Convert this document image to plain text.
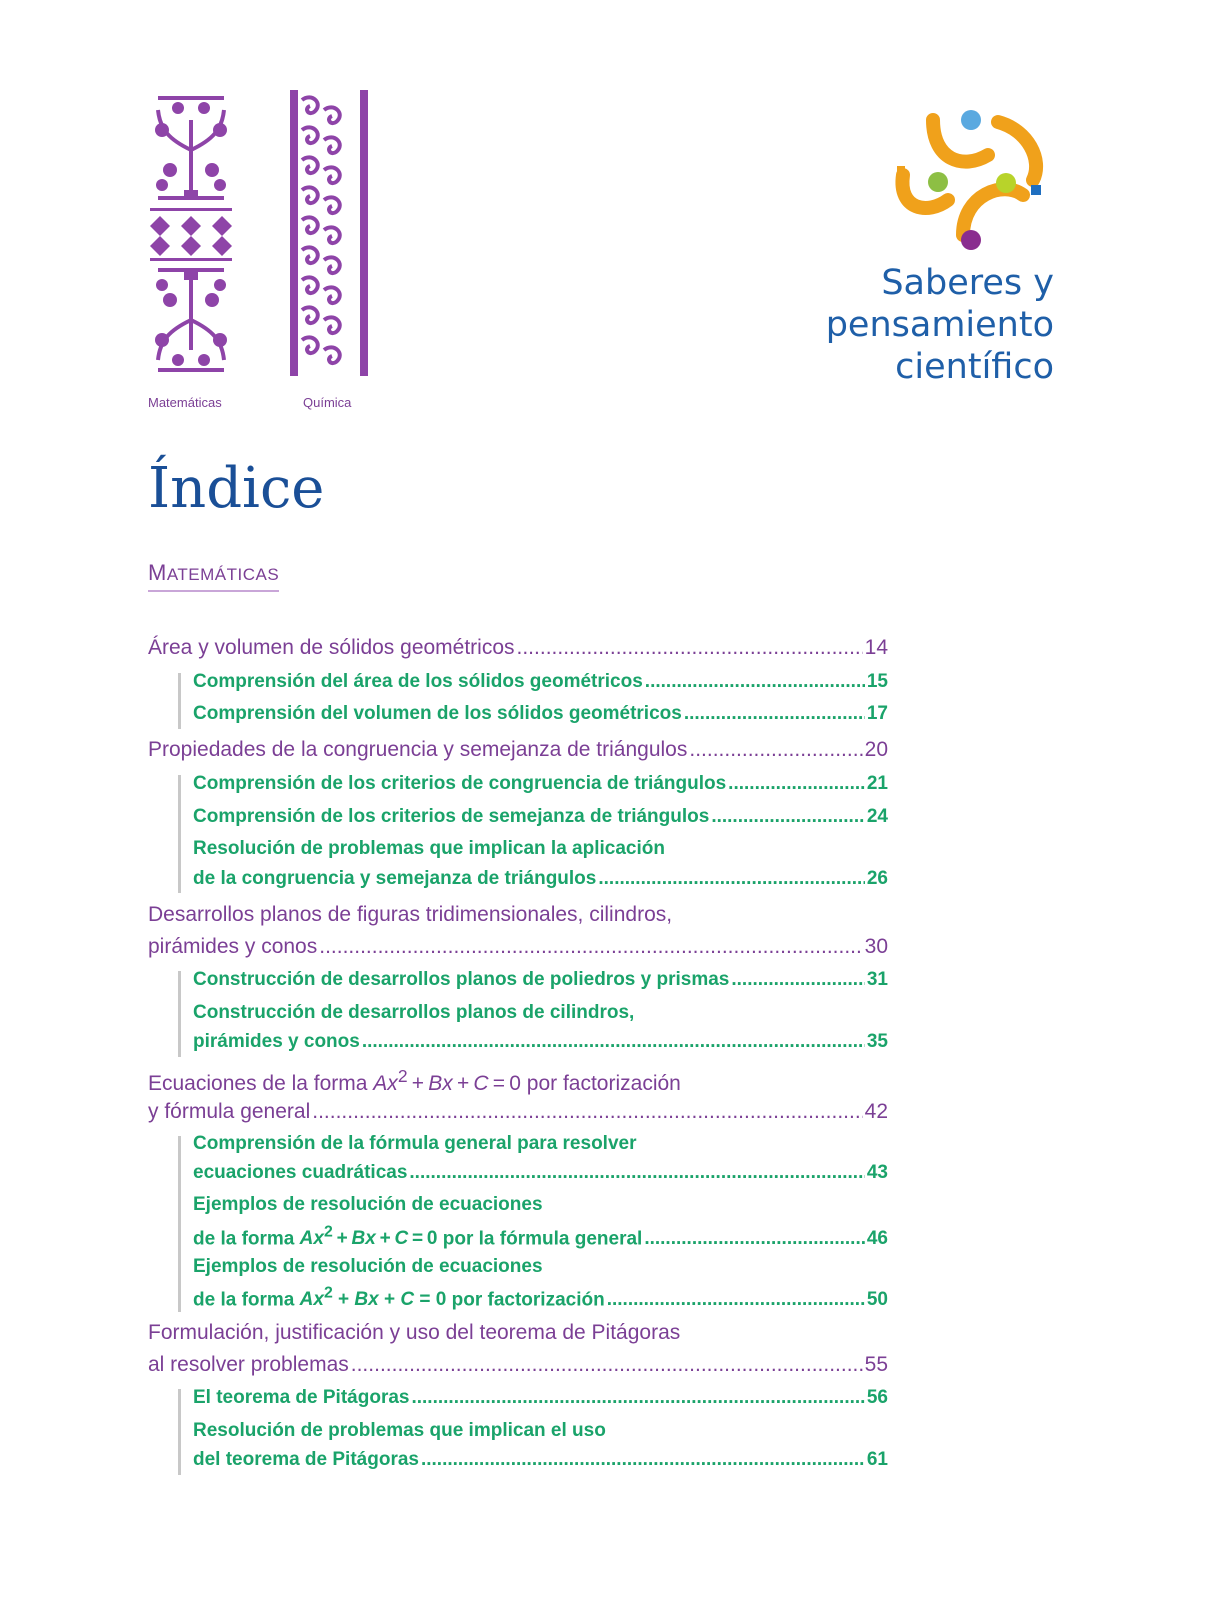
Matemáticas	Química
Saberes y
pensamiento
científico
Índice
MATEMÁTICAS
Área y volumen de sólidos geométricos .....	14
Comprensión del área de los sólidos geométricos .....	15
Comprensión del volumen de los sólidos geométricos .....	17
Propiedades de la congruencia y semejanza de triángulos .....	20
Comprensión de los criterios de congruencia de triángulos .....	21
Comprensión de los criterios de semejanza de triángulos .....	24
Resolución de problemas que implican la aplicación
de la congruencia y semejanza de triángulos .....	26
Desarrollos planos de figuras tridimensionales, cilindros,
pirámides y conos .....	30
Construcción de desarrollos planos de poliedros y prismas .....	31
Construcción de desarrollos planos de cilindros,
pirámides y conos .....	35
Ecuaciones de la forma $Ax^2 + Bx + C = 0$ por factorización
y fórmula general .....	42
Comprensión de la fórmula general para resolver
ecuaciones cuadráticas .....	43
Ejemplos de resolución de ecuaciones
de la forma $Ax^2 + Bx + C = 0$ por la fórmula general .....	46
Ejemplos de resolución de ecuaciones
de la forma $Ax^2 + Bx + C = 0$ por factorización .....	50
Formulación, justificación y uso del teorema de Pitágoras
al resolver problemas .....	55
El teorema de Pitágoras .....	56
Resolución de problemas que implican el uso
del teorema de Pitágoras .....	61
